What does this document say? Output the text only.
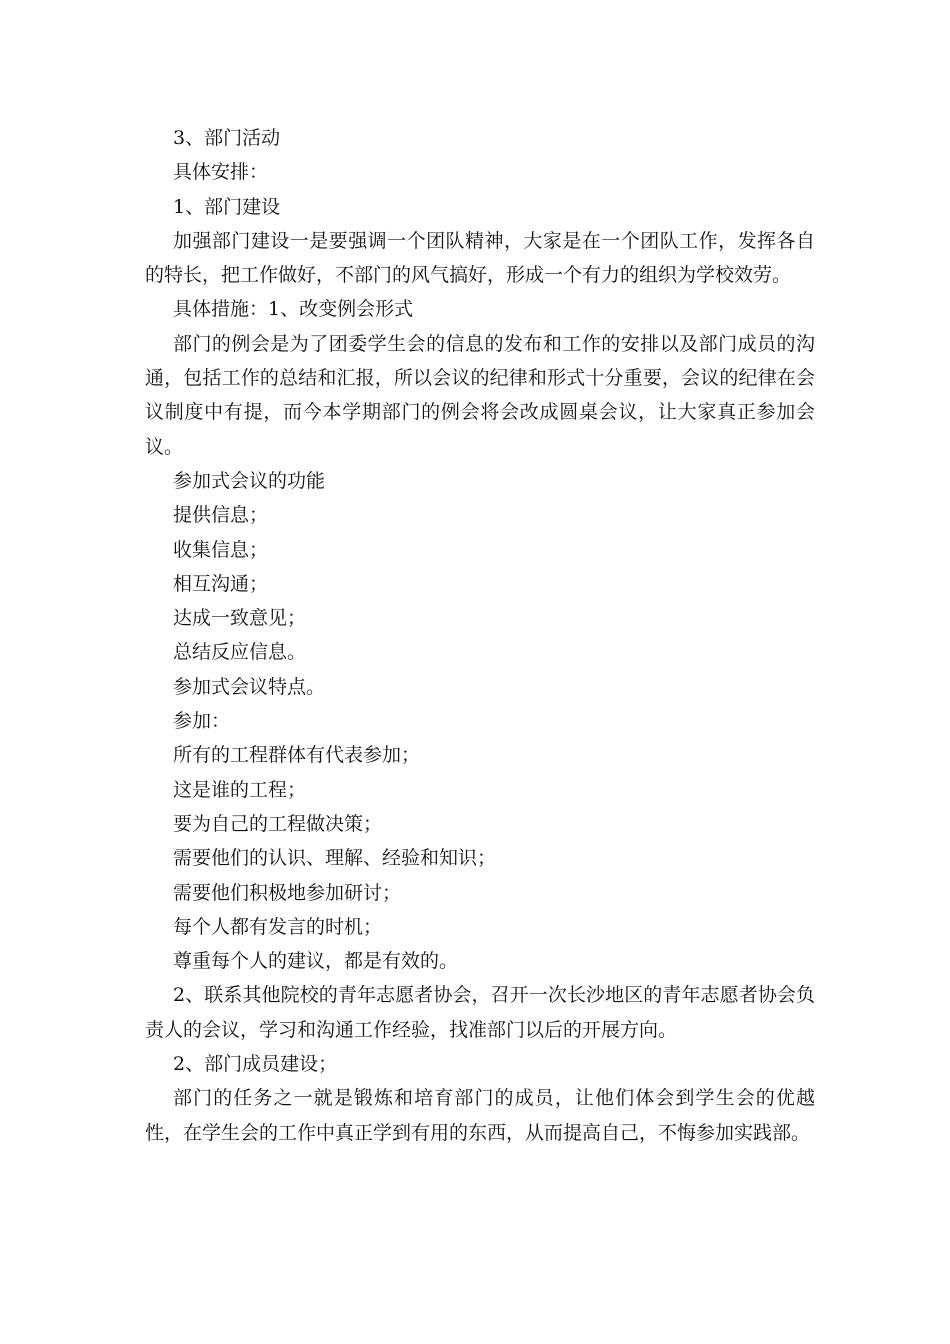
3、部门活动

具体安排：

1、部门建设

加强部门建设一是要强调一个团队精神，大家是在一个团队工作，发挥各自的特长，把工作做好，不部门的风气搞好，形成一个有力的组织为学校效劳。

具体措施：1、改变例会形式

部门的例会是为了团委学生会的信息的发布和工作的安排以及部门成员的沟通，包括工作的总结和汇报，所以会议的纪律和形式十分重要，会议的纪律在会议制度中有提，而今本学期部门的例会将会改成圆桌会议，让大家真正参加会议。

参加式会议的功能

提供信息；

收集信息；

相互沟通；

达成一致意见；

总结反应信息。

参加式会议特点。

参加：

所有的工程群体有代表参加；

这是谁的工程；

要为自己的工程做决策；

需要他们的认识、理解、经验和知识；

需要他们积极地参加研讨；

每个人都有发言的时机；

尊重每个人的建议，都是有效的。

2、联系其他院校的青年志愿者协会，召开一次长沙地区的青年志愿者协会负责人的会议，学习和沟通工作经验，找准部门以后的开展方向。

2、部门成员建设；

部门的任务之一就是锻炼和培育部门的成员，让他们体会到学生会的优越性，在学生会的工作中真正学到有用的东西，从而提高自己，不悔参加实践部。
